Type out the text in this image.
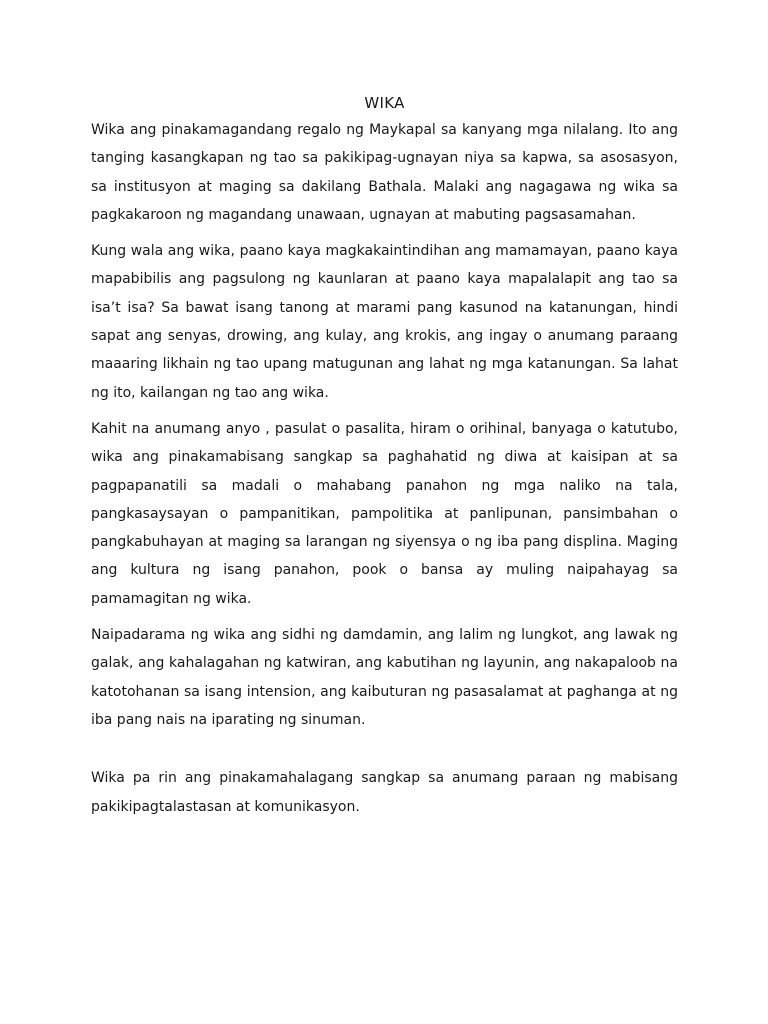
WIKA

Wika ang pinakamagandang regalo ng Maykapal sa kanyang mga nilalang. Ito ang tanging kasangkapan ng tao sa pakikipag-ugnayan niya sa kapwa, sa asosasyon, sa institusyon at maging sa dakilang Bathala. Malaki ang nagagawa ng wika sa pagkakaroon ng magandang unawaan, ugnayan at mabuting pagsasamahan.

Kung wala ang wika, paano kaya magkakaintindihan ang mamamayan, paano kaya mapabibilis ang pagsulong ng kaunlaran at paano kaya mapalalapit ang tao sa isa’t isa? Sa bawat isang tanong at marami pang kasunod na katanungan, hindi sapat ang senyas, drowing, ang kulay, ang krokis, ang ingay o anumang paraang maaaring likhain ng tao upang matugunan ang lahat ng mga katanungan. Sa lahat ng ito, kailangan ng tao ang wika.

Kahit na anumang anyo , pasulat o pasalita, hiram o orihinal, banyaga o katutubo, wika ang pinakamabisang sangkap sa paghahatid ng diwa at kaisipan at sa pagpapanatili sa madali o mahabang panahon ng mga naliko na tala, pangkasaysayan o pampanitikan, pampolitika at panlipunan, pansimbahan o pangkabuhayan at maging sa larangan ng siyensya o ng iba pang displina. Maging ang kultura ng isang panahon, pook o bansa ay muling naipahayag sa pamamagitan ng wika.

Naipadarama ng wika ang sidhi ng damdamin, ang lalim ng lungkot, ang lawak ng galak, ang kahalagahan ng katwiran, ang kabutihan ng layunin, ang nakapaloob na katotohanan sa isang intension, ang kaibuturan ng pasasalamat at paghanga at ng iba pang nais na iparating ng sinuman.

Wika pa rin ang pinakamahalagang sangkap sa anumang paraan ng mabisang pakikipagtalastasan at komunikasyon.
